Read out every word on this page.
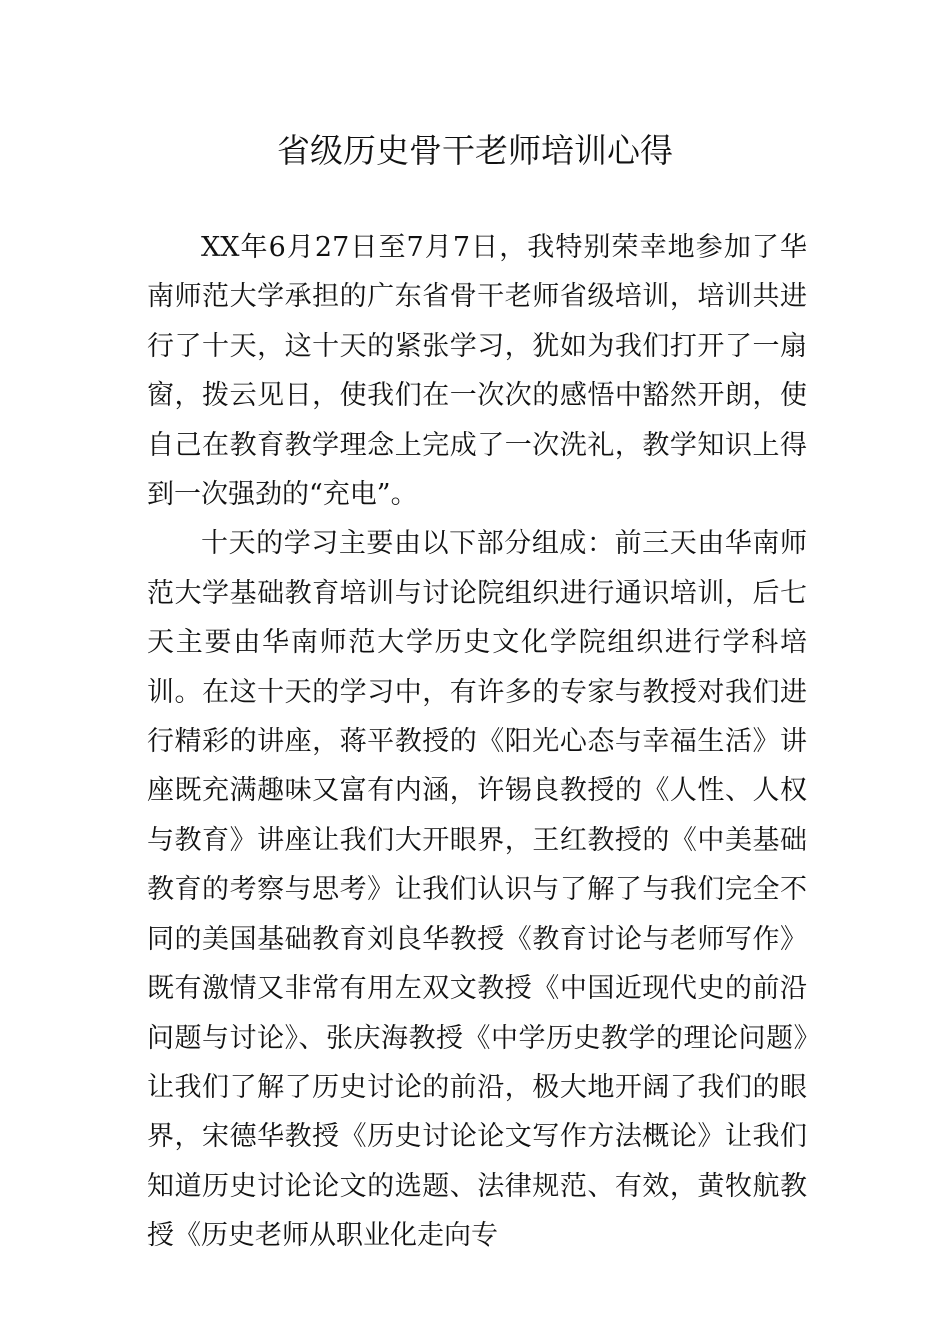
省级历史骨干老师培训心得

XX年6月27日至7月7日，我特别荣幸地参加了华南师范大学承担的广东省骨干老师省级培训，培训共进行了十天，这十天的紧张学习，犹如为我们打开了一扇窗，拨云见日，使我们在一次次的感悟中豁然开朗，使自己在教育教学理念上完成了一次洗礼，教学知识上得到一次强劲的“充电”。

十天的学习主要由以下部分组成：前三天由华南师范大学基础教育培训与讨论院组织进行通识培训，后七天主要由华南师范大学历史文化学院组织进行学科培训。在这十天的学习中，有许多的专家与教授对我们进行精彩的讲座，蒋平教授的《阳光心态与幸福生活》讲座既充满趣味又富有内涵，许锡良教授的《人性、人权与教育》讲座让我们大开眼界，王红教授的《中美基础教育的考察与思考》让我们认识与了解了与我们完全不同的美国基础教育刘良华教授《教育讨论与老师写作》既有激情又非常有用左双文教授《中国近现代史的前沿问题与讨论》、张庆海教授《中学历史教学的理论问题》让我们了解了历史讨论的前沿，极大地开阔了我们的眼界，宋德华教授《历史讨论论文写作方法概论》让我们知道历史讨论论文的选题、法律规范、有效，黄牧航教授《历史老师从职业化走向专
